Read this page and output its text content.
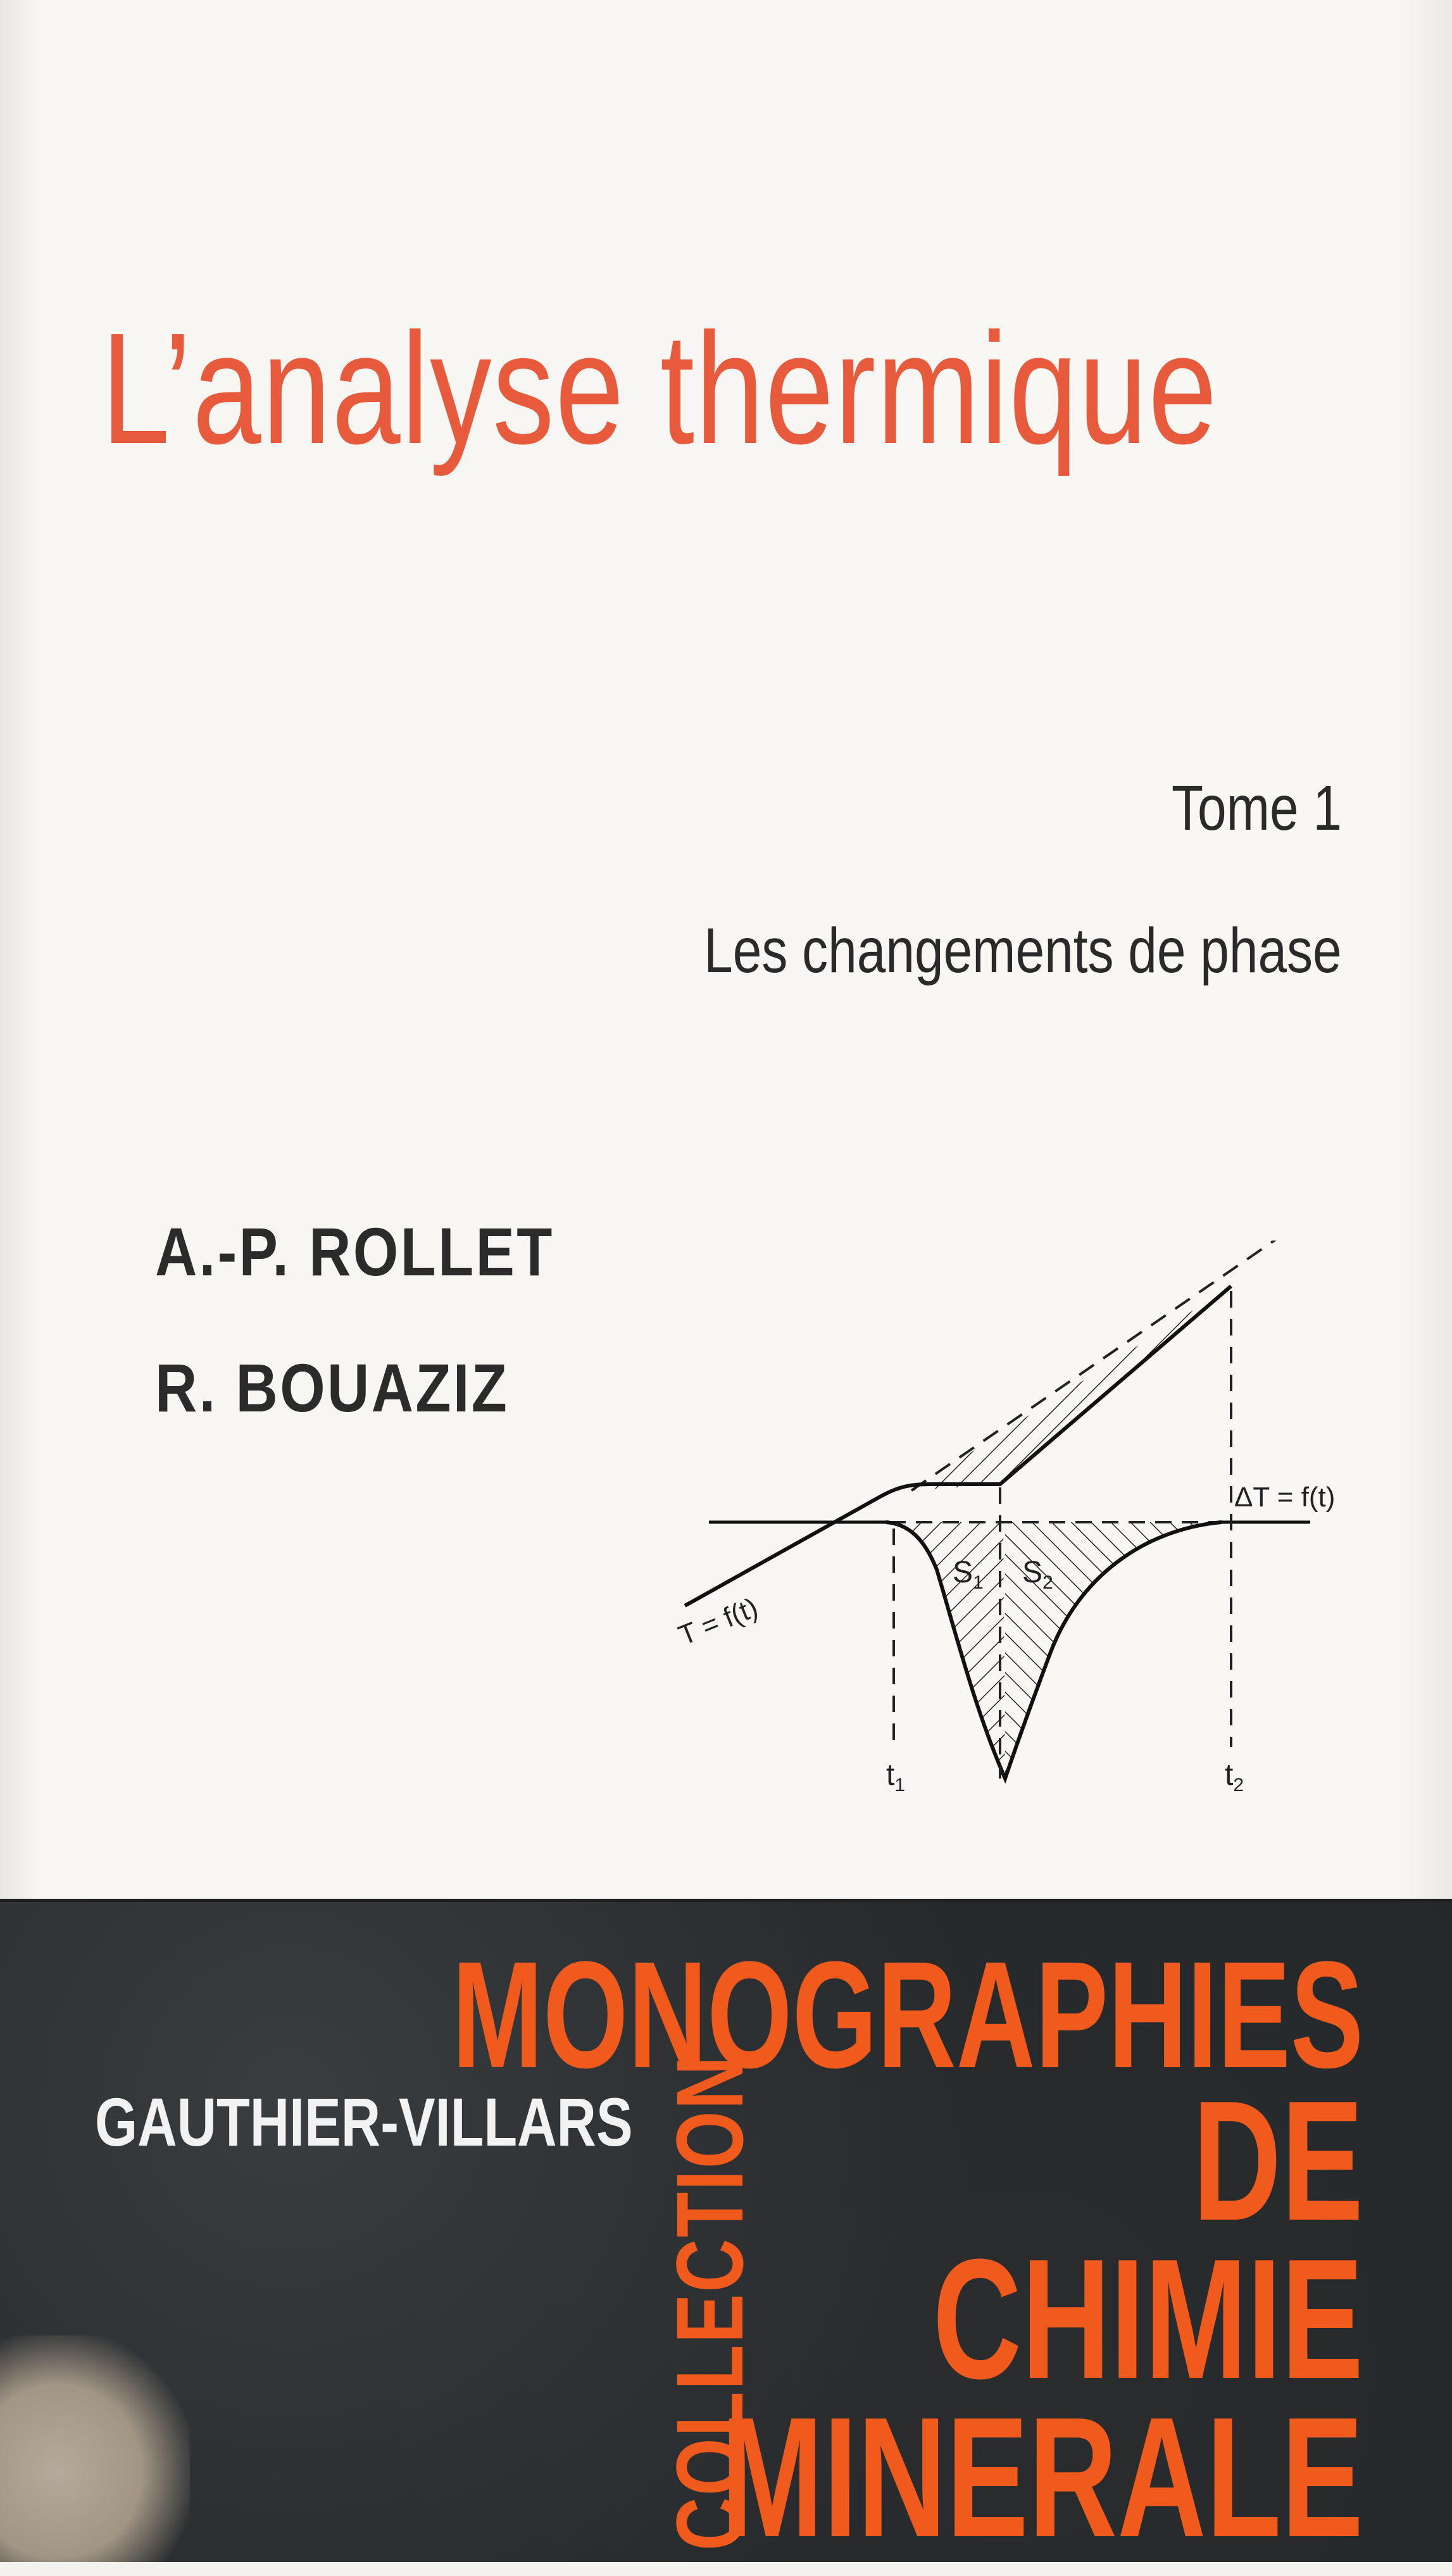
L’analyse thermique
Tome 1
Les changements de phase
A.-P. ROLLET
R. BOUAZIZ
T = f(t)
ΔT = f(t)
$S_1$ $S_2$
$t_1$	$t_2$
GAUTHIER-VILLARS COLLECTION
MONOGRAPHIES
DE
CHIMIE
MINERALE
